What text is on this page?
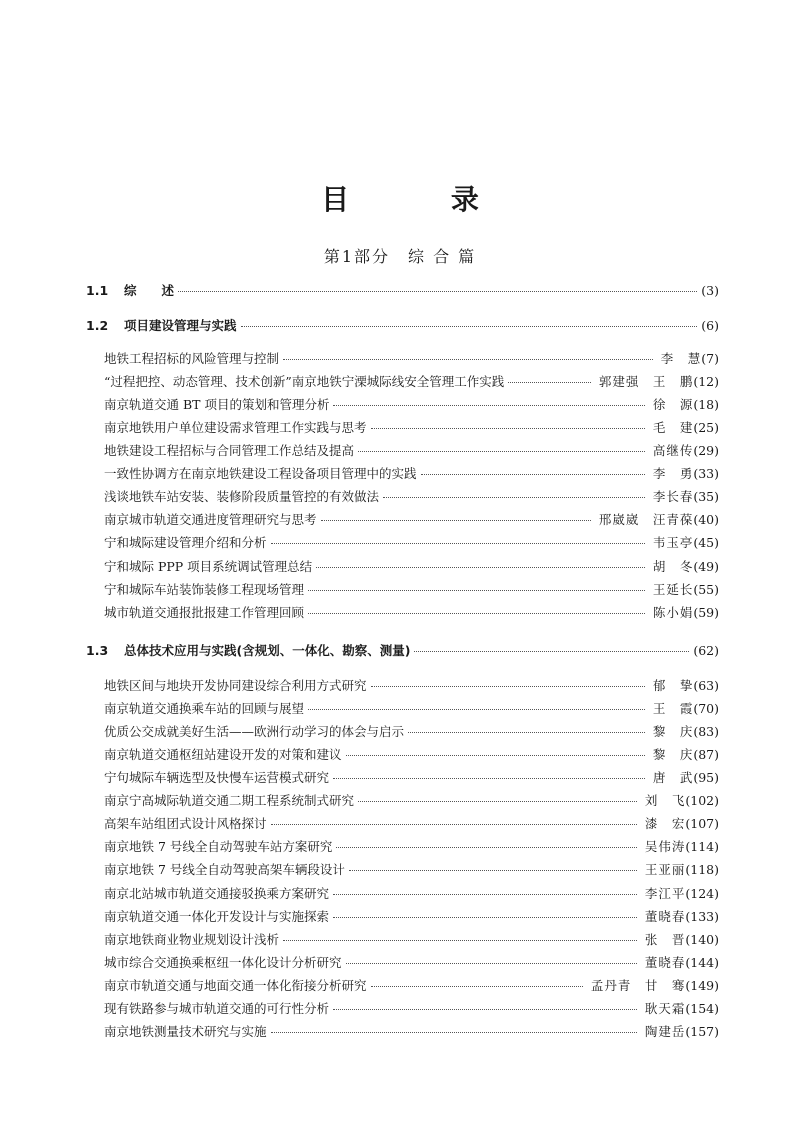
目 录
第1部分　综 合 篇
1.1	综　　述	(3)
1.2	项目建设管理与实践	(6)
地铁工程招标的风险管理与控制	李　慧 (7)
“过程把控、动态管理、技术创新”南京地铁宁溧城际线安全管理工作实践	郭建强　王　鹏 (12)
南京轨道交通 BT 项目的策划和管理分析	徐　源 (18)
南京地铁用户单位建设需求管理工作实践与思考	毛　建 (25)
地铁建设工程招标与合同管理工作总结及提高	高继传 (29)
一致性协调方在南京地铁建设工程设备项目管理中的实践	李　勇 (33)
浅谈地铁车站安装、装修阶段质量管控的有效做法	李长春 (35)
南京城市轨道交通进度管理研究与思考	邢崴崴　汪青葆 (40)
宁和城际建设管理介绍和分析	韦玉亭 (45)
宁和城际 PPP 项目系统调试管理总结	胡　冬 (49)
宁和城际车站装饰装修工程现场管理	王延长 (55)
城市轨道交通报批报建工作管理回顾	陈小娟 (59)
1.3	总体技术应用与实践(含规划、一体化、勘察、测量)	(62)
地铁区间与地块开发协同建设综合利用方式研究	郁　挚 (63)
南京轨道交通换乘车站的回顾与展望	王　霞 (70)
优质公交成就美好生活——欧洲行动学习的体会与启示	黎　庆 (83)
南京轨道交通枢纽站建设开发的对策和建议	黎　庆 (87)
宁句城际车辆选型及快慢车运营模式研究	唐　武 (95)
南京宁高城际轨道交通二期工程系统制式研究	刘　飞 (102)
高架车站组团式设计风格探讨	漆　宏 (107)
南京地铁 7 号线全自动驾驶车站方案研究	吴伟涛 (114)
南京地铁 7 号线全自动驾驶高架车辆段设计	王亚丽 (118)
南京北站城市轨道交通接驳换乘方案研究	李江平 (124)
南京轨道交通一体化开发设计与实施探索	董晓春 (133)
南京地铁商业物业规划设计浅析	张　晋 (140)
城市综合交通换乘枢纽一体化设计分析研究	董晓春 (144)
南京市轨道交通与地面交通一体化衔接分析研究	孟丹青　甘　骞 (149)
现有铁路参与城市轨道交通的可行性分析	耿天霜 (154)
南京地铁测量技术研究与实施	陶建岳 (157)
